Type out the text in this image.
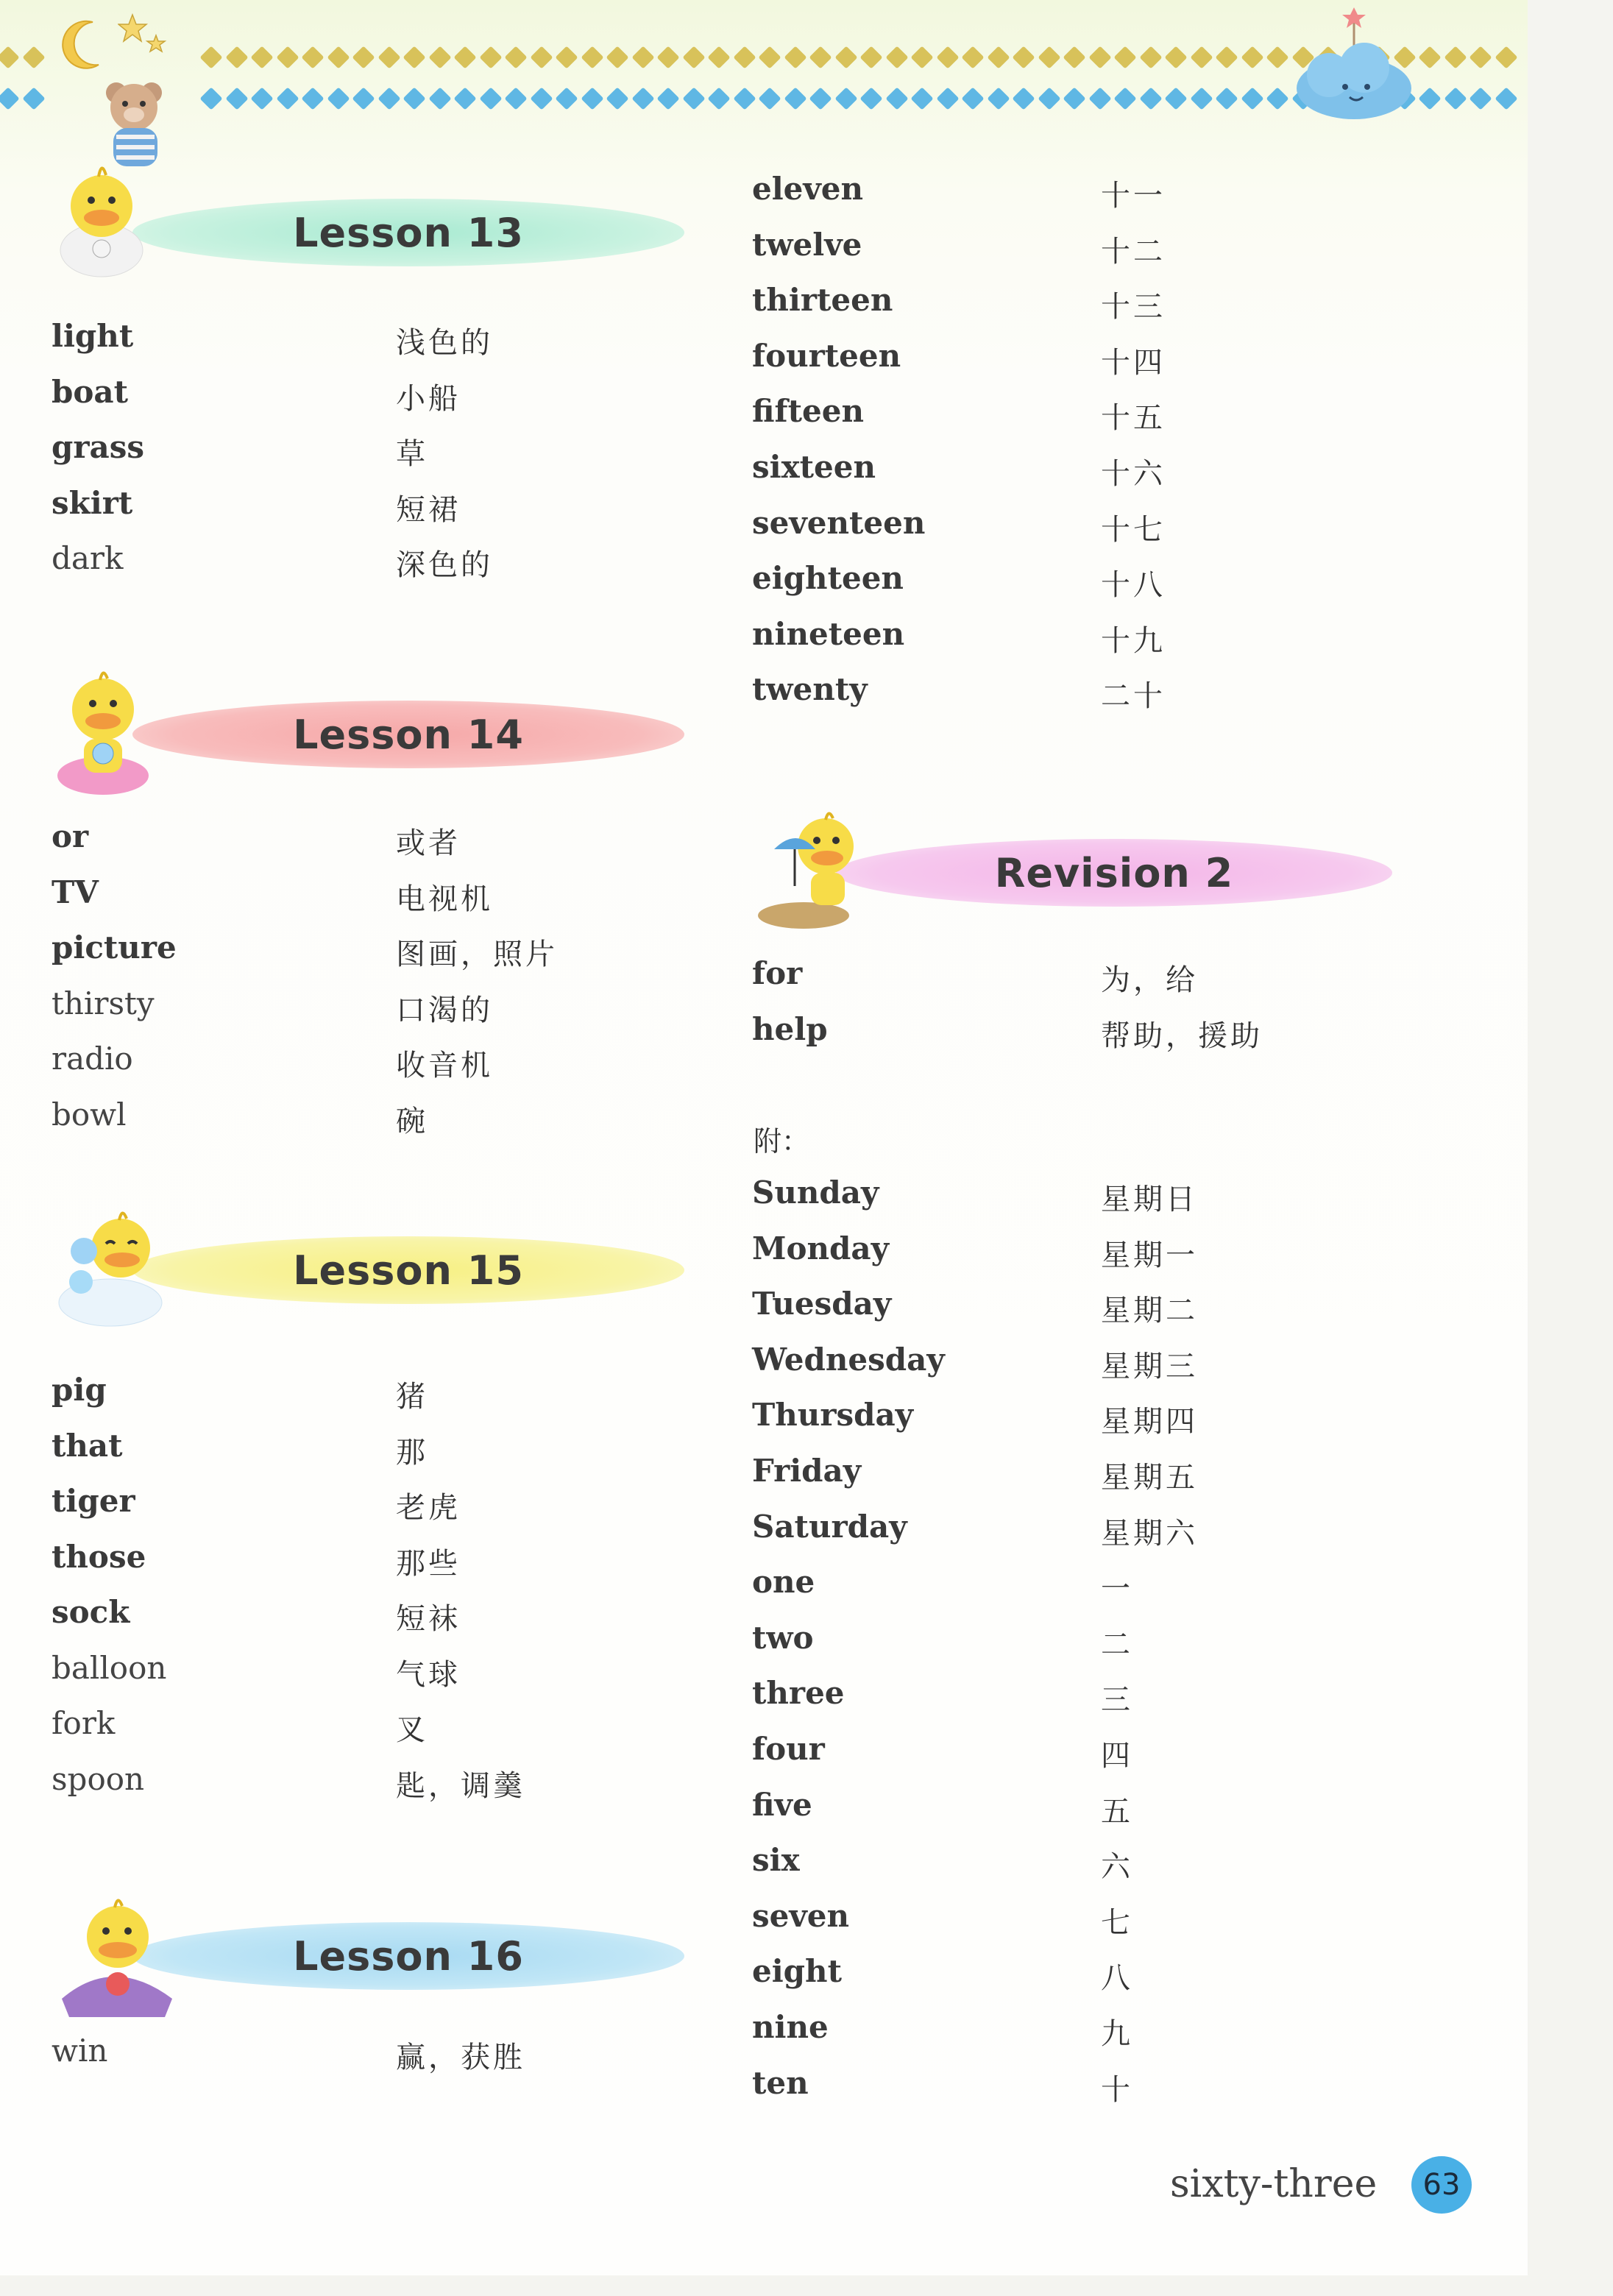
Lesson 13
Lesson 14
Lesson 15
Lesson 16
Revision 2
light	浅色的
boat	小船
grass	草
skirt	短裙
dark	深色的
or	或者
TV	电视机
picture	图画，照片
thirsty	口渴的
radio	收音机
bowl	碗
pig	猪
that	那
tiger	老虎
those	那些
sock	短袜
balloon	气球
fork	叉
spoon	匙，调羹
win	赢，获胜
eleven	十一
twelve	十二
thirteen	十三
fourteen	十四
fifteen	十五
sixteen	十六
seventeen	十七
eighteen	十八
nineteen	十九
twenty	二十
for	为，给
help	帮助，援助
Sunday	星期日
Monday	星期一
Tuesday	星期二
Wednesday	星期三
Thursday	星期四
Friday	星期五
Saturday	星期六
one	一
two	二
three	三
four	四
five	五
six	六
seven	七
eight	八
nine	九
ten	十
附：
sixty-three 63
